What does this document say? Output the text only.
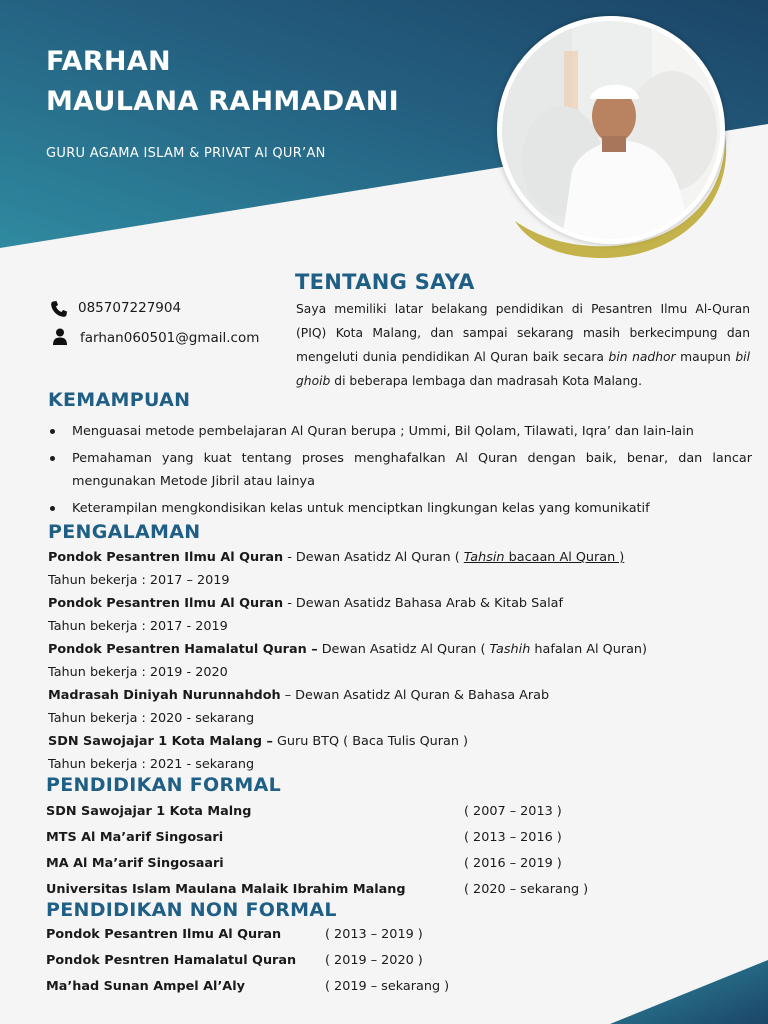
FARHAN
MAULANA RAHMADANI
GURU AGAMA ISLAM & PRIVAT Al QUR’AN
085707227904
farhan060501@gmail.com
TENTANG SAYA

Saya memiliki latar belakang pendidikan di Pesantren Ilmu Al-Quran (PIQ) Kota Malang, dan sampai sekarang masih berkecimpung dan mengeluti dunia pendidikan Al Quran baik secara bin nadhor maupun bil ghoib di beberapa lembaga dan madrasah Kota Malang.

KEMAMPUAN
Menguasai metode pembelajaran Al Quran berupa ; Ummi, Bil Qolam, Tilawati, Iqra’ dan lain-lain
Pemahaman yang kuat tentang proses menghafalkan Al Quran dengan baik, benar, dan lancar mengunakan Metode Jibril atau lainya
Keterampilan mengkondisikan kelas untuk menciptkan lingkungan kelas yang komunikatif
PENGALAMAN
Pondok Pesantren Ilmu Al Quran - Dewan Asatidz Al Quran ( Tahsin bacaan Al Quran )
Tahun bekerja : 2017 – 2019
Pondok Pesantren Ilmu Al Quran - Dewan Asatidz Bahasa Arab & Kitab Salaf
Tahun bekerja : 2017 - 2019
Pondok Pesantren Hamalatul Quran – Dewan Asatidz Al Quran ( Tashih hafalan Al Quran)
Tahun bekerja : 2019 - 2020
Madrasah Diniyah Nurunnahdoh – Dewan Asatidz Al Quran & Bahasa Arab
Tahun bekerja : 2020 - sekarang
SDN Sawojajar 1 Kota Malang – Guru BTQ ( Baca Tulis Quran )
Tahun bekerja : 2021 - sekarang
PENDIDIKAN FORMAL
SDN Sawojajar 1 Kota Malng	( 2007 – 2013 )
MTS Al Ma’arif Singosari	( 2013 – 2016 )
MA Al Ma’arif Singosaari	( 2016 – 2019 )
Universitas Islam Maulana Malaik Ibrahim Malang	( 2020 – sekarang )
PENDIDIKAN NON FORMAL
Pondok Pesantren Ilmu Al Quran	( 2013 – 2019 )
Pondok Pesntren Hamalatul Quran ( 2019 – 2020 )
Ma’had Sunan Ampel Al’Aly	( 2019 – sekarang )
